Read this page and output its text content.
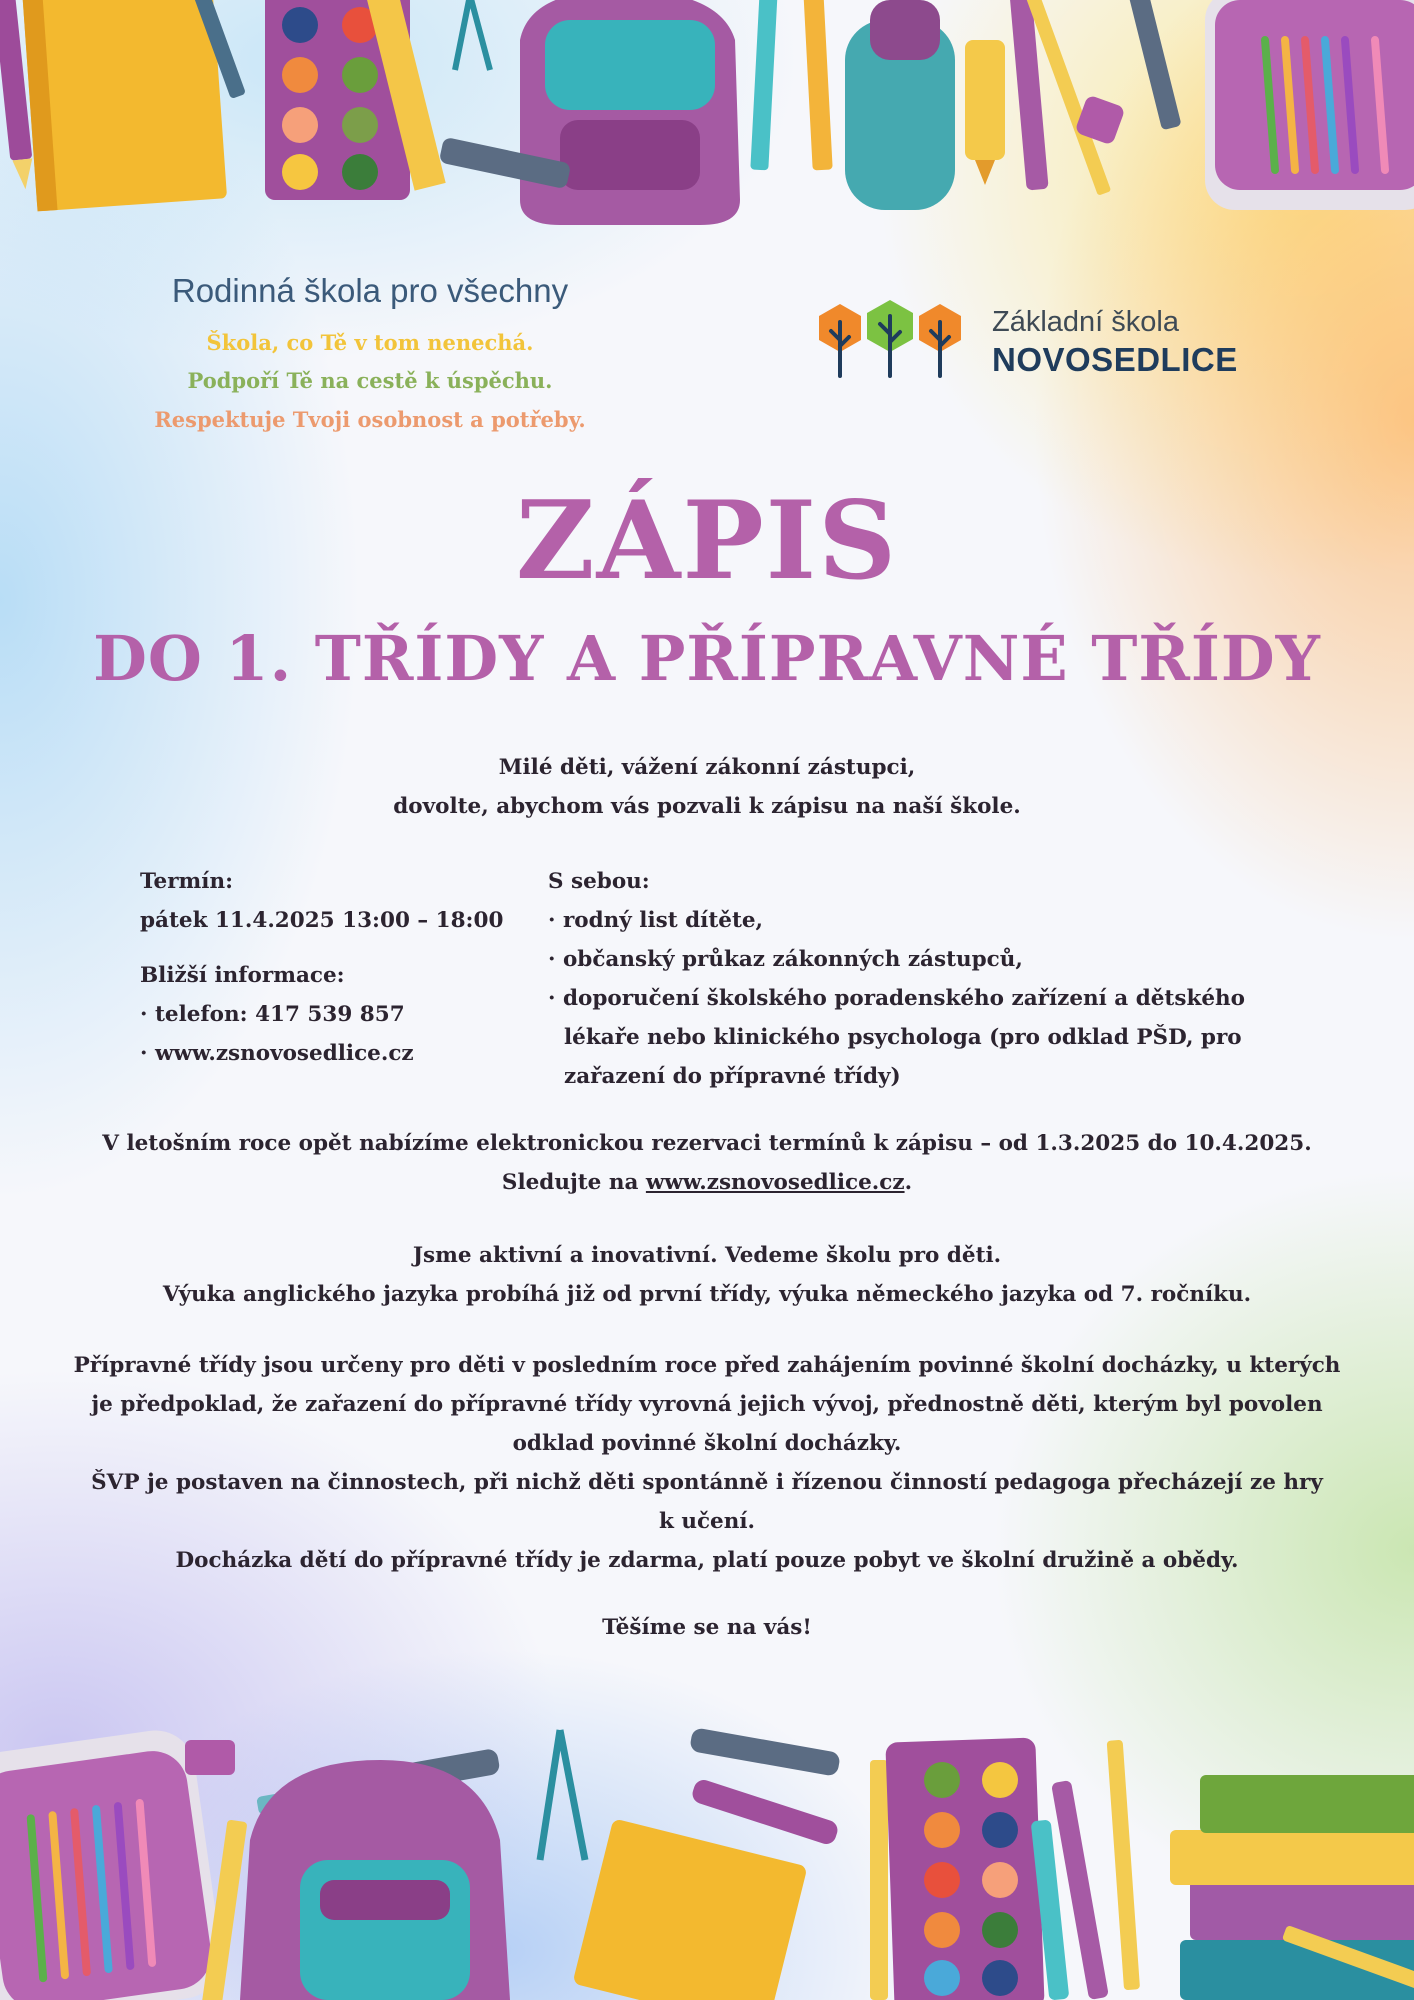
Rodinná škola pro všechny
Škola, co Tě v tom nenechá.
Podpoří Tě na cestě k úspěchu.
Respektuje Tvoji osobnost a potřeby.
Základní škola
NOVOSEDLICE
ZÁPIS
DO 1. TŘÍDY A PŘÍPRAVNÉ TŘÍDY
Milé děti, vážení zákonní zástupci,
dovolte, abychom vás pozvali k zápisu na naší škole.
Termín:
pátek 11.4.2025 13:00 – 18:00
Bližší informace:
· telefon: 417 539 857
· www.zsnovosedlice.cz
S sebou:
· rodný list dítěte,
· občanský průkaz zákonných zástupců,
· doporučení školského poradenského zařízení a dětského
lékaře nebo klinického psychologa (pro odklad PŠD, pro
zařazení do přípravné třídy)
V letošním roce opět nabízíme elektronickou rezervaci termínů k zápisu – od 1.3.2025 do 10.4.2025.
Sledujte na www.zsnovosedlice.cz.
Jsme aktivní a inovativní. Vedeme školu pro děti.
Výuka anglického jazyka probíhá již od první třídy, výuka německého jazyka od 7. ročníku.
Přípravné třídy jsou určeny pro děti v posledním roce před zahájením povinné školní docházky, u kterých
je předpoklad, že zařazení do přípravné třídy vyrovná jejich vývoj, přednostně děti, kterým byl povolen
odklad povinné školní docházky.
ŠVP je postaven na činnostech, při nichž děti spontánně i řízenou činností pedagoga přecházejí ze hry
k učení.
Docházka dětí do přípravné třídy je zdarma, platí pouze pobyt ve školní družině a obědy.
Těšíme se na vás!
